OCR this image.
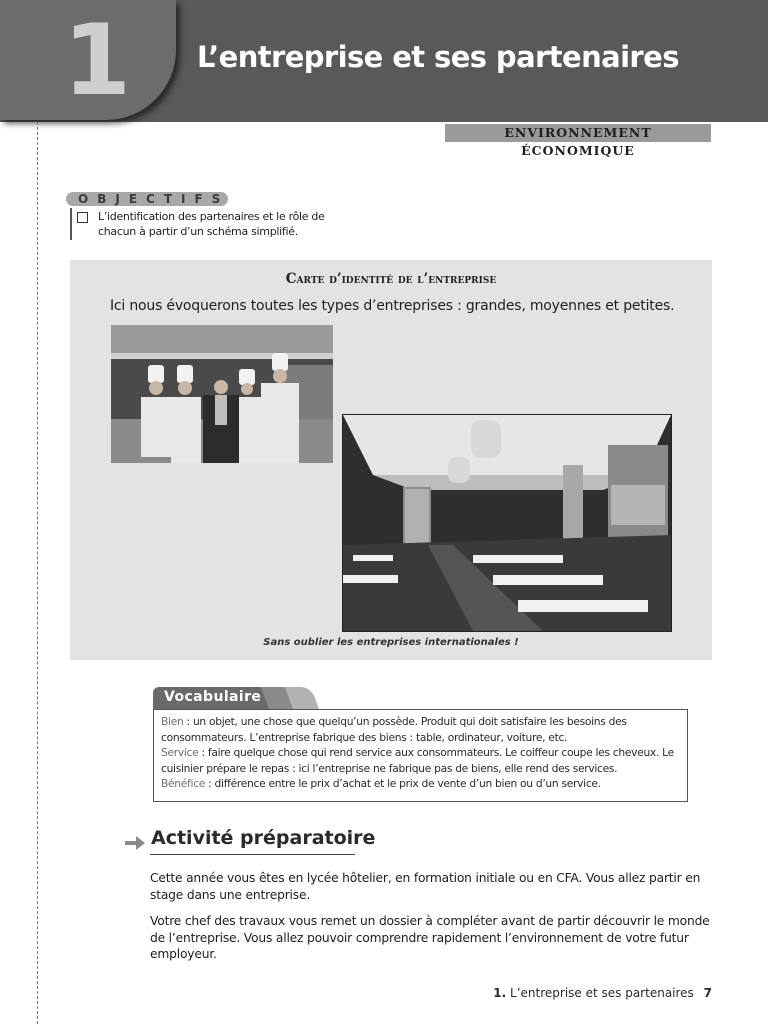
1 L’entreprise et ses partenaires
ENVIRONNEMENT ÉCONOMIQUE
OBJECTIFS
L’identification des partenaires et le rôle de chacun à partir d’un schéma simplifié.
Carte d’identité de l’entreprise
Ici nous évoquerons toutes les types d’entreprises : grandes, moyennes et petites.
Sans oublier les entreprises internationales !
Vocabulaire

Bien : un objet, une chose que quelqu’un possède. Produit qui doit satisfaire les besoins des consommateurs. L’entreprise fabrique des biens : table, ordinateur, voiture, etc.

Service : faire quelque chose qui rend service aux consommateurs. Le coiffeur coupe les cheveux. Le cuisinier prépare le repas : ici l’entreprise ne fabrique pas de biens, elle rend des services.

Bénéfice : différence entre le prix d’achat et le prix de vente d’un bien ou d’un service.

Activité préparatoire
Cette année vous êtes en lycée hôtelier, en formation initiale ou en CFA. Vous allez partir en stage dans une entreprise.
Votre chef des travaux vous remet un dossier à compléter avant de partir découvrir le monde de l’entreprise. Vous allez pouvoir comprendre rapidement l’environnement de votre futur employeur.
1. L’entreprise et ses partenaires 7
